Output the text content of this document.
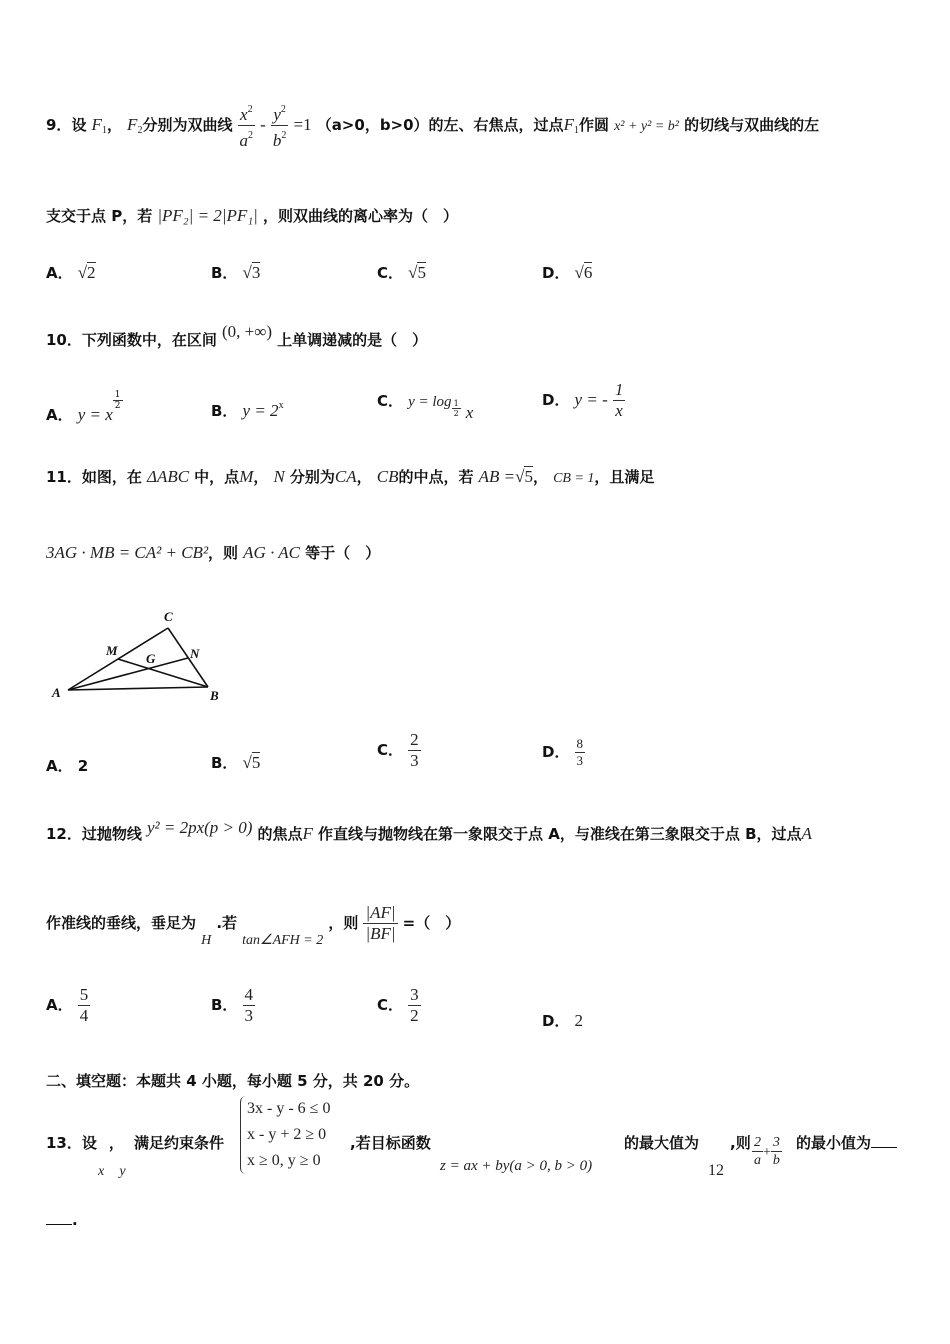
9．设 $F_1$， $F_2$分别为双曲线 $\frac{x^2}{a^2} - \frac{y^2}{b^2} =1$ （a>0，b>0）的左、右焦点，过点$F_1$作圆 x² + y² = b² 的切线与双曲线的左
支交于点 P，若 |PF₂| = 2|PF₁| ，则双曲线的离心率为（　）
A． √2	B． √3	C． √5	D． √6
10．下列函数中，在区间 (0, +∞) 上单调递减的是（　）
A． y = x
$\frac{1}{2}$	B． $y = 2^x$	C． $y = \log \frac{1}{2}$ x
D． y = - $\frac{1}{x}$
11．如图，在 ΔABC 中，点M， N 分别为CA， CB的中点，若 AB =√5， CB = 1，且满足
3AG · MB = CA² + CB²，则 AG · AC 等于（　）
A	B
C
M	N
G
A． 2	B． √5
C． $\frac{2}{3}$	D． $\frac{8}{3}$
12．过抛物线 y² = 2px(p > 0) 的焦点F 作直线与抛物线在第一象限交于点 A，与准线在第三象限交于点 B，过点A
作准线的垂线，垂足为 H .若 tan∠AFH = 2 ，则 $\frac{|AF|}{|BF|}$ =（　）
A． $\frac{5}{4}$	B． $\frac{4}{3}$	C． $\frac{3}{2}$	D． 2
二、填空题：本题共 4 小题，每小题 5 分，共 20 分。
13．设 ，
x y
满足约束条件
3x - y - 6 ≤ 0
x - y + 2 ≥ 0
x ≥ 0, y ≥ 0
,若目标函数
z = ax + by(a > 0, b > 0)
的最大值为
12
,则 $\frac{2}{a} + \frac{3}{b}$ 的最小值为
.
